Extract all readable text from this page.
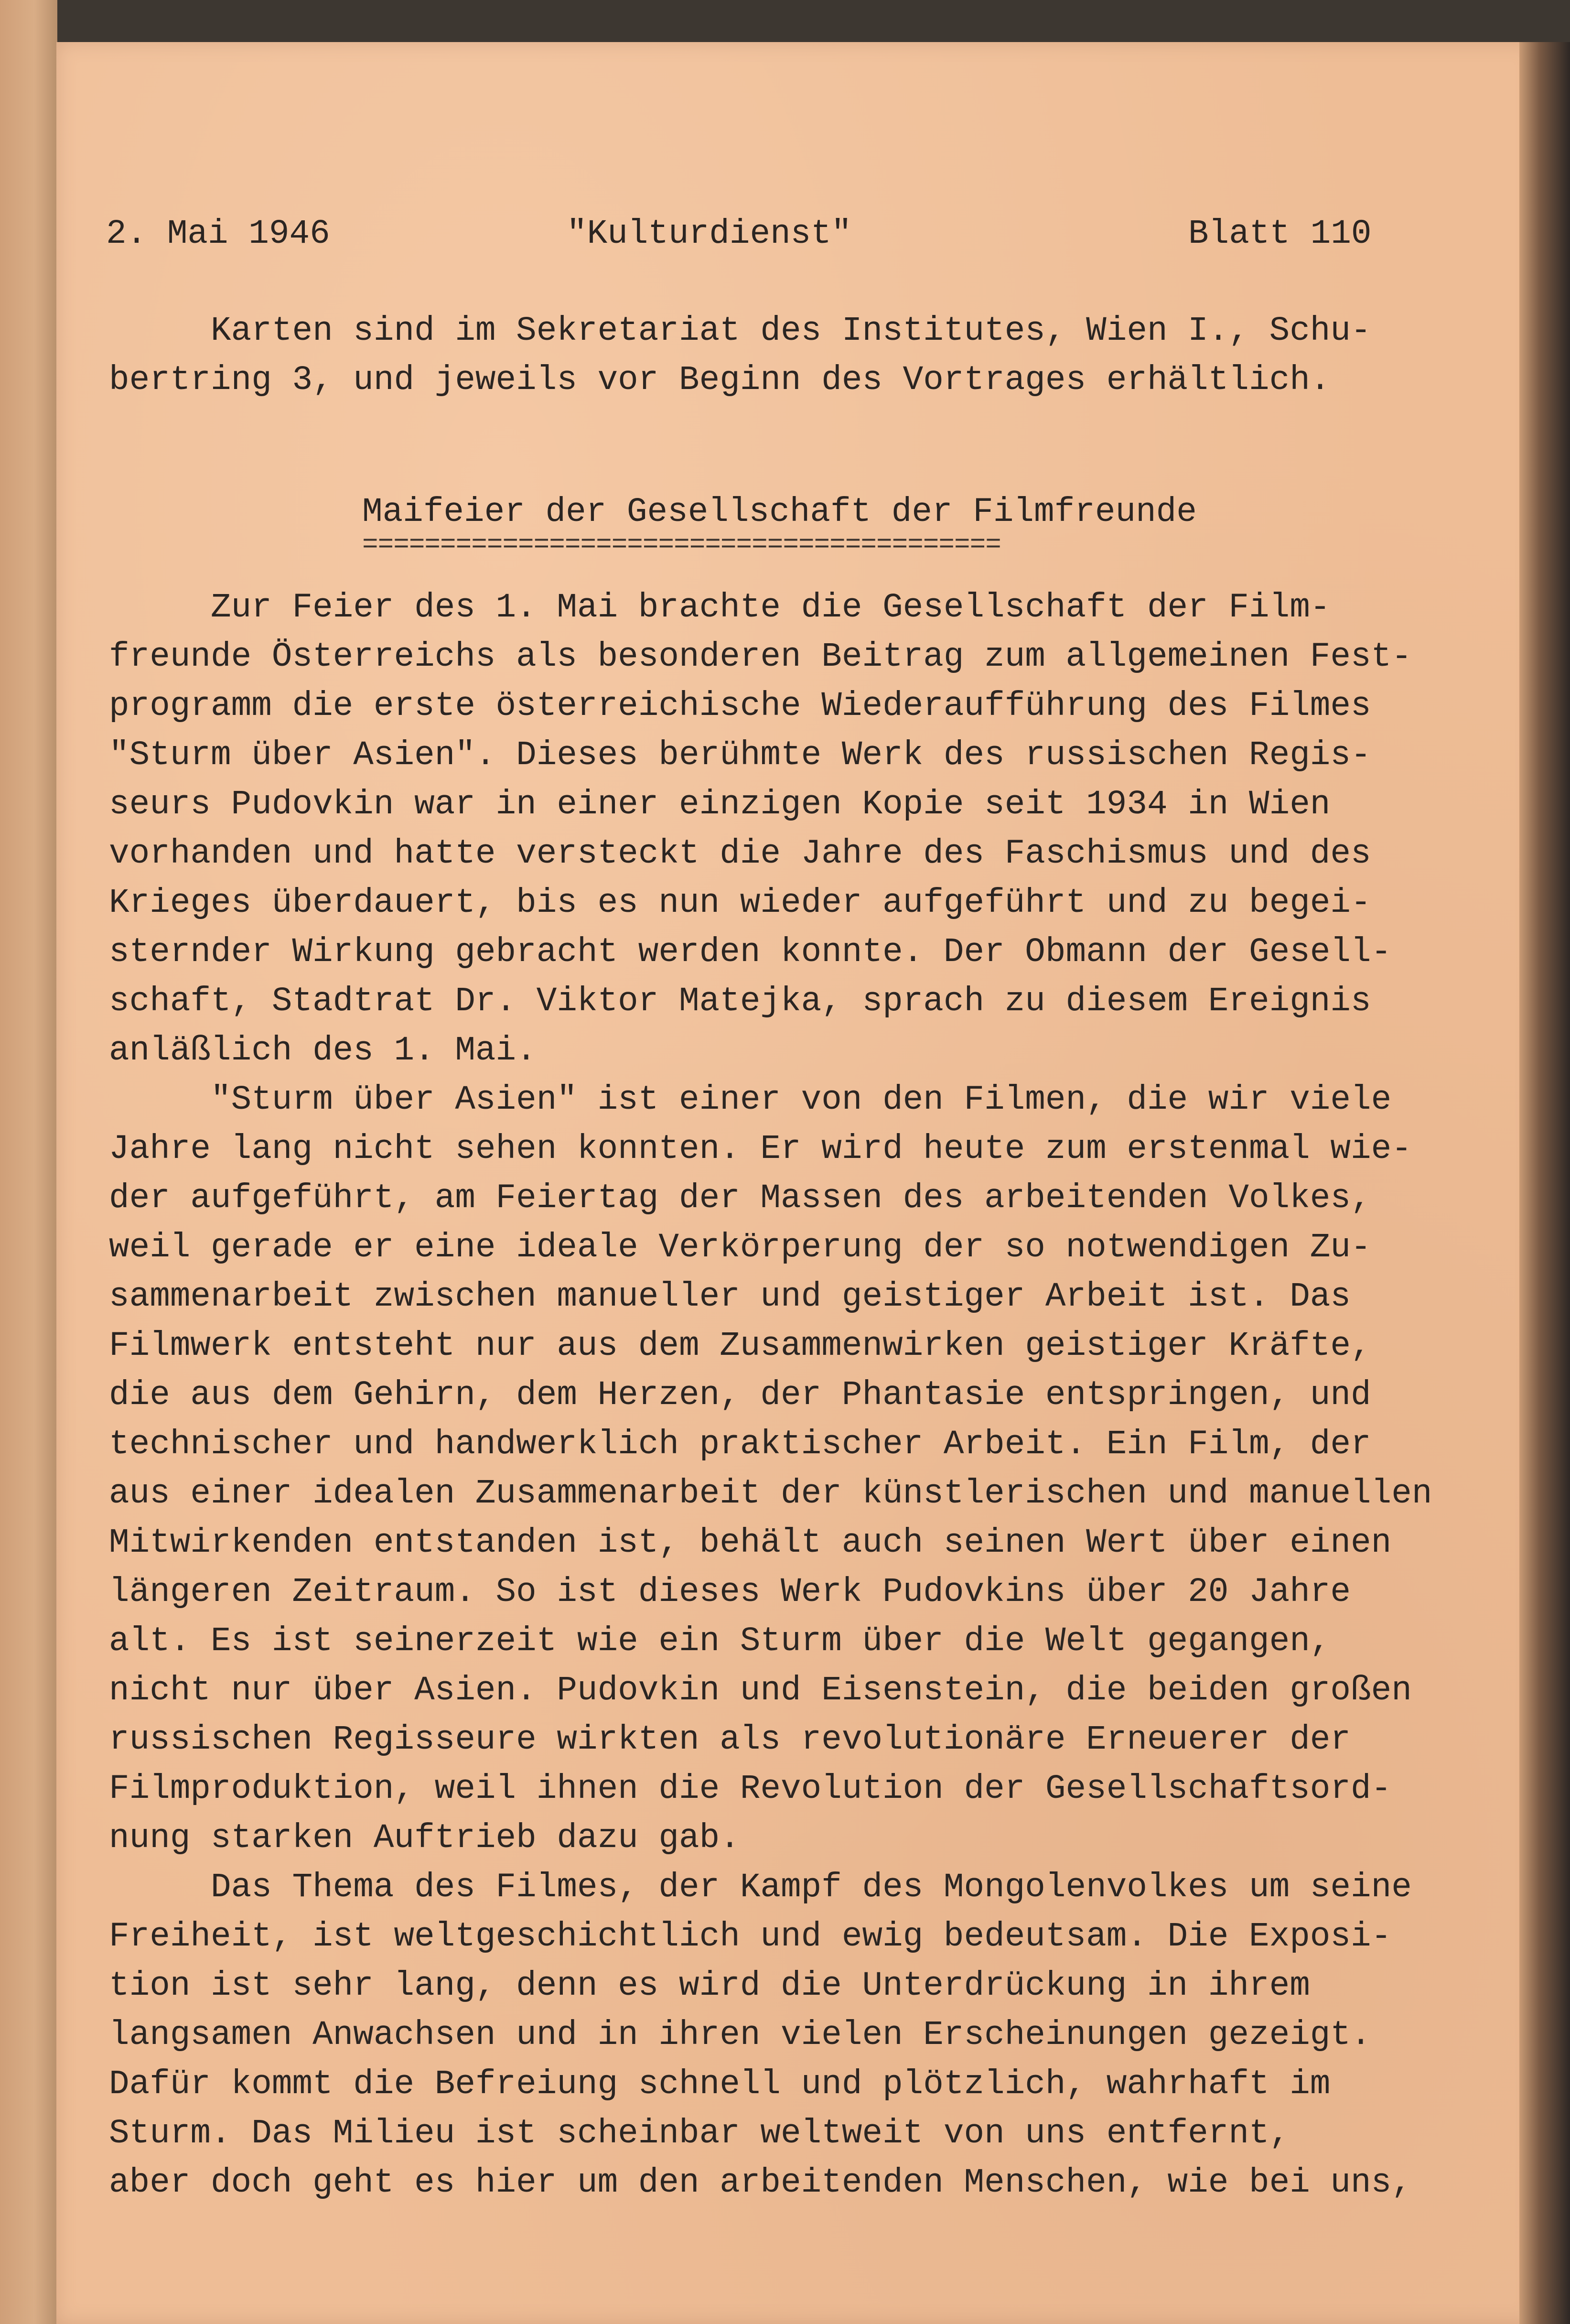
2. Mai 1946	"Kulturdienst"	Blatt 110
Karten sind im Sekretariat des Institutes, Wien I., Schu-
bertring 3, und jeweils vor Beginn des Vortrages erhältlich.
Maifeier der Gesellschaft der Filmfreunde
=========================================
Zur Feier des 1. Mai brachte die Gesellschaft der Film-
freunde Österreichs als besonderen Beitrag zum allgemeinen Fest-
programm die erste österreichische Wiederaufführung des Filmes
"Sturm über Asien". Dieses berühmte Werk des russischen Regis-
seurs Pudovkin war in einer einzigen Kopie seit 1934 in Wien
vorhanden und hatte versteckt die Jahre des Faschismus und des
Krieges überdauert, bis es nun wieder aufgeführt und zu begei-
sternder Wirkung gebracht werden konnte. Der Obmann der Gesell-
schaft, Stadtrat Dr. Viktor Matejka, sprach zu diesem Ereignis
anläßlich des 1. Mai.
"Sturm über Asien" ist einer von den Filmen, die wir viele
Jahre lang nicht sehen konnten. Er wird heute zum erstenmal wie-
der aufgeführt, am Feiertag der Massen des arbeitenden Volkes,
weil gerade er eine ideale Verkörperung der so notwendigen Zu-
sammenarbeit zwischen manueller und geistiger Arbeit ist. Das
Filmwerk entsteht nur aus dem Zusammenwirken geistiger Kräfte,
die aus dem Gehirn, dem Herzen, der Phantasie entspringen, und
technischer und handwerklich praktischer Arbeit. Ein Film, der
aus einer idealen Zusammenarbeit der künstlerischen und manuellen
Mitwirkenden entstanden ist, behält auch seinen Wert über einen
längeren Zeitraum. So ist dieses Werk Pudovkins über 20 Jahre
alt. Es ist seinerzeit wie ein Sturm über die Welt gegangen,
nicht nur über Asien. Pudovkin und Eisenstein, die beiden großen
russischen Regisseure wirkten als revolutionäre Erneuerer der
Filmproduktion, weil ihnen die Revolution der Gesellschaftsord-
nung starken Auftrieb dazu gab.
Das Thema des Filmes, der Kampf des Mongolenvolkes um seine
Freiheit, ist weltgeschichtlich und ewig bedeutsam. Die Exposi-
tion ist sehr lang, denn es wird die Unterdrückung in ihrem
langsamen Anwachsen und in ihren vielen Erscheinungen gezeigt.
Dafür kommt die Befreiung schnell und plötzlich, wahrhaft im
Sturm. Das Milieu ist scheinbar weltweit von uns entfernt,
aber doch geht es hier um den arbeitenden Menschen, wie bei uns,
